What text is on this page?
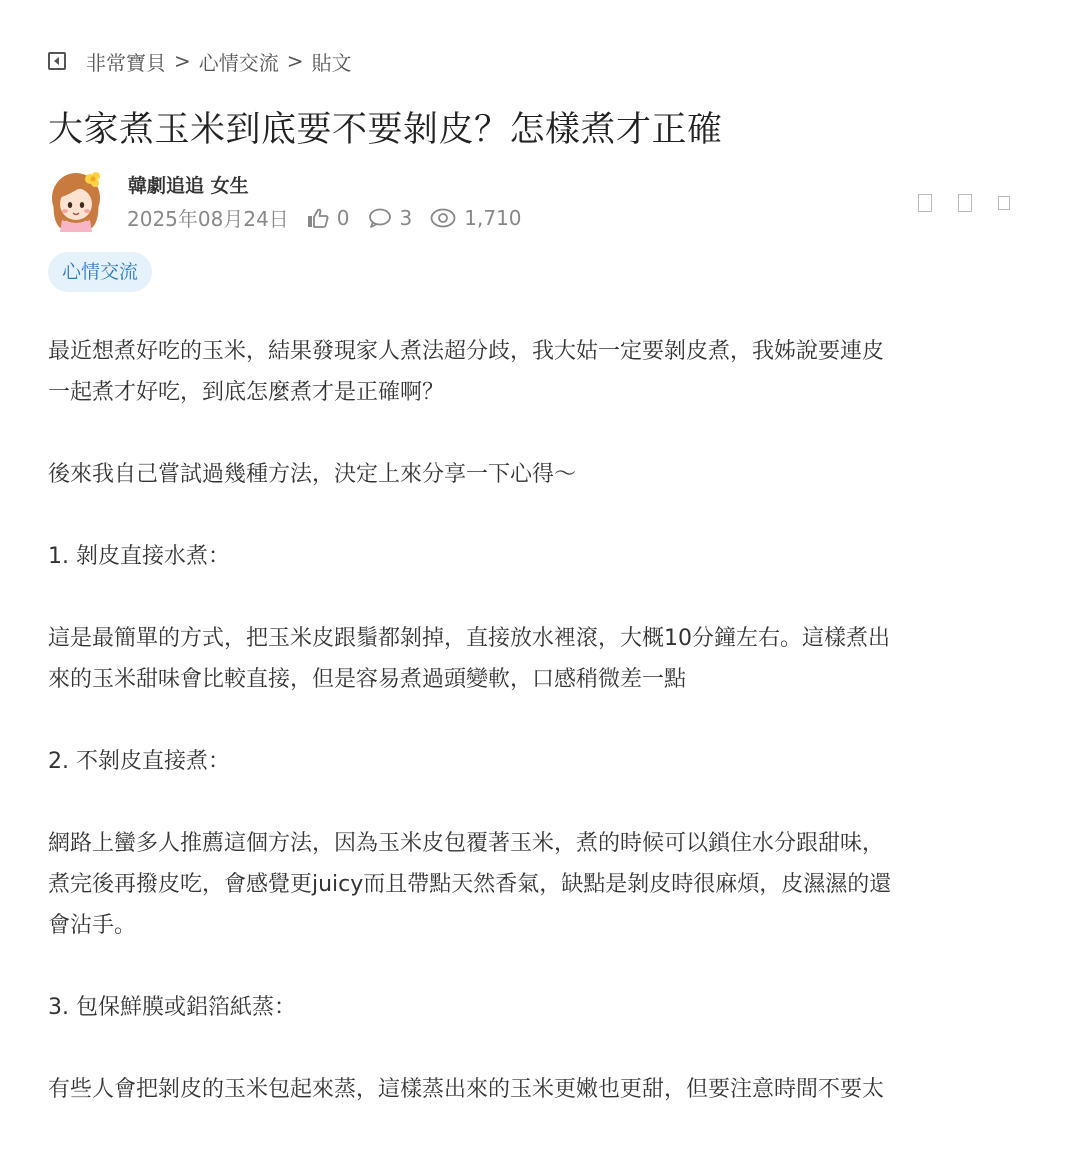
非常寶貝 > 心情交流 > 貼文
大家煮玉米到底要不要剝皮？怎樣煮才正確
韓劇追追 女生
2025年08月24日 0	3	1,710
心情交流

最近想煮好吃的玉米，結果發現家人煮法超分歧，我大姑一定要剝皮煮，我姊說要連皮
一起煮才好吃，到底怎麼煮才是正確啊？

後來我自己嘗試過幾種方法，決定上來分享一下心得～

1. 剝皮直接水煮：

這是最簡單的方式，把玉米皮跟鬚都剝掉，直接放水裡滾，大概10分鐘左右。這樣煮出
來的玉米甜味會比較直接，但是容易煮過頭變軟，口感稍微差一點

2. 不剝皮直接煮：

網路上蠻多人推薦這個方法，因為玉米皮包覆著玉米，煮的時候可以鎖住水分跟甜味，
煮完後再撥皮吃，會感覺更juicy而且帶點天然香氣，缺點是剝皮時很麻煩，皮濕濕的還
會沾手。

3. 包保鮮膜或鋁箔紙蒸：

有些人會把剝皮的玉米包起來蒸，這樣蒸出來的玉米更嫩也更甜，但要注意時間不要太
